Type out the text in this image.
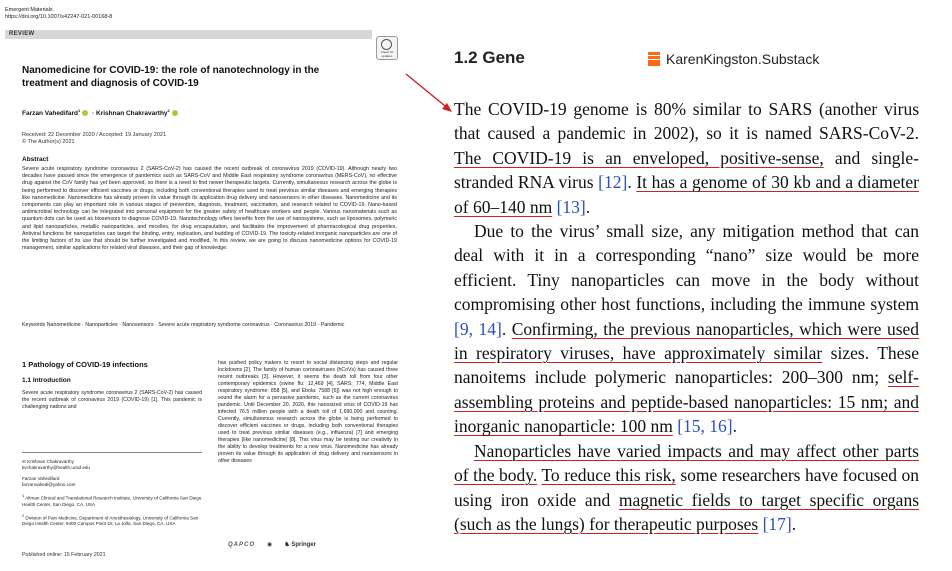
Emergent Materials
https://doi.org/10.1007/s42247-021-00168-8
REVIEW
Check for updates
Nanomedicine for COVID-19: the role of nanotechnology in the treatment and diagnosis of COVID-19
Farzan Vahedifard$^1$ · Krishnan Chakravarthy$^2$
Received: 22 December 2020 / Accepted: 19 January 2021
© The Author(s) 2021
Abstract
Severe acute respiratory syndrome coronavirus 2 (SARS-CoV-2) has caused the recent outbreak of coronavirus 2019 (COVID-19). Although nearly two decades have passed since the emergence of pandemics such as SARS-CoV and Middle East respiratory syndrome coronavirus (MERS-CoV), no effective drug against the CoV family has yet been approved, so there is a need to find newer therapeutic targets. Currently, simultaneous research across the globe is being performed to discover efficient vaccines or drugs, including both conventional therapies used to treat previous similar diseases and emerging therapies like nanomedicine. Nanomedicine has already proven its value through its application drug delivery and nanosensors in other diseases. Nanomedicine and its components can play an important role in various stages of prevention, diagnosis, treatment, vaccination, and research related to COVID-19. Nano-based antimicrobial technology can be integrated into personal equipment for the greater safety of healthcare workers and people. Various nanomaterials such as quantum dots can be used as biosensors to diagnose COVID-19. Nanotechnology offers benefits from the use of nanosystems, such as liposomes, polymeric and lipid nanoparticles, metallic nanoparticles, and micelles, for drug encapsulation, and facilitates the improvement of pharmacological drug properties. Antiviral functions for nanoparticles can target the binding, entry, replication, and budding of COVID-19. The toxicity-related inorganic nanoparticles are one of the limiting factors of its use that should be further investigated and modified. In this review, we are going to discuss nanomedicine options for COVID-19 management, similar applications for related viral diseases, and their gap of knowledge.
Keywords Nanomedicine · Nanoparticles · Nanosensors · Severe acute respiratory syndrome coronavirus · Coronavirus 2019 · Pandemic
1 Pathology of COVID-19 infections
1.1 Introduction

Severe acute respiratory syndrome coronavirus 2 (SARS-CoV-2) has caused the recent outbreak of coronavirus 2019 (COVID-19) [1]. This pandemic is challenging nations and

has pushed policy makers to resort to social distancing steps and regular lockdowns [2]. The family of human coronaviruses (hCoVs) has caused three recent outbreaks [3]. However, it seems the death toll from four other contemporary epidemics (swine flu: 12,469 [4], SARS: 774, Middle East respiratory syndrome: 858 [5], and Ebola: 7588 [6]) was not high enough to sound the alarm for a pervasive pandemic, such as the current coronavirus pandemic. Until December 20, 2020, this nanosized virus of COVID-19 has infected 76.5 million people with a death toll of 1,690,000 and counting. Currently, simultaneous research across the globe is being performed to discover efficient vaccines or drugs, including both conventional therapies used to treat previous similar diseases (e.g., influenza) [7] and emerging therapies (like nanomedicine) [8]. This virus may be testing our creativity in the ability to develop treatments for a new virus. Nanomedicine has already proven its value through its application of drug delivery and nanosensors in other diseases
✉ Krishnan Chakravarthy
kvchakravarthy@health.ucsd.edu
Farzan Vahedifard
farzanvahedi@yahoo.com
$^1$ Altman Clinical and Translational Research Institute, University of California San Diego Health Center, San Diego, CA, USA
$^2$ Division of Pain Medicine, Department of Anesthesiology, University of California San Diego Health Center, 9400 Campus Point Dr, La Jolla, San Diego, CA, USA
Published online: 15 February 2021
QAPCO ◉ ♞ Springer
1.2 Gene	KarenKingston.Substack

The COVID-19 genome is 80% similar to SARS (another virus that caused a pandemic in 2002), so it is named SARS-CoV-2. The COVID-19 is an enveloped, positive-sense, and single-stranded RNA virus [12]. It has a genome of 30 kb and a diameter of 60–140 nm [13].

Due to the virus’ small size, any mitigation method that can deal with it in a corresponding “nano” size would be more efficient. Tiny nanoparticles can move in the body without compromising other host functions, including the immune system [9, 14]. Confirming, the previous nanoparticles, which were used in respiratory viruses, have approximately similar sizes. These nanoitems include polymeric nanoparticles: 200–300 nm; self-assembling proteins and peptide-based nanoparticles: 15 nm; and inorganic nanoparticle: 100 nm [15, 16].

Nanoparticles have varied impacts and may affect other parts of the body. To reduce this risk, some researchers have focused on using iron oxide and magnetic fields to target specific organs (such as the lungs) for therapeutic purposes [17].
